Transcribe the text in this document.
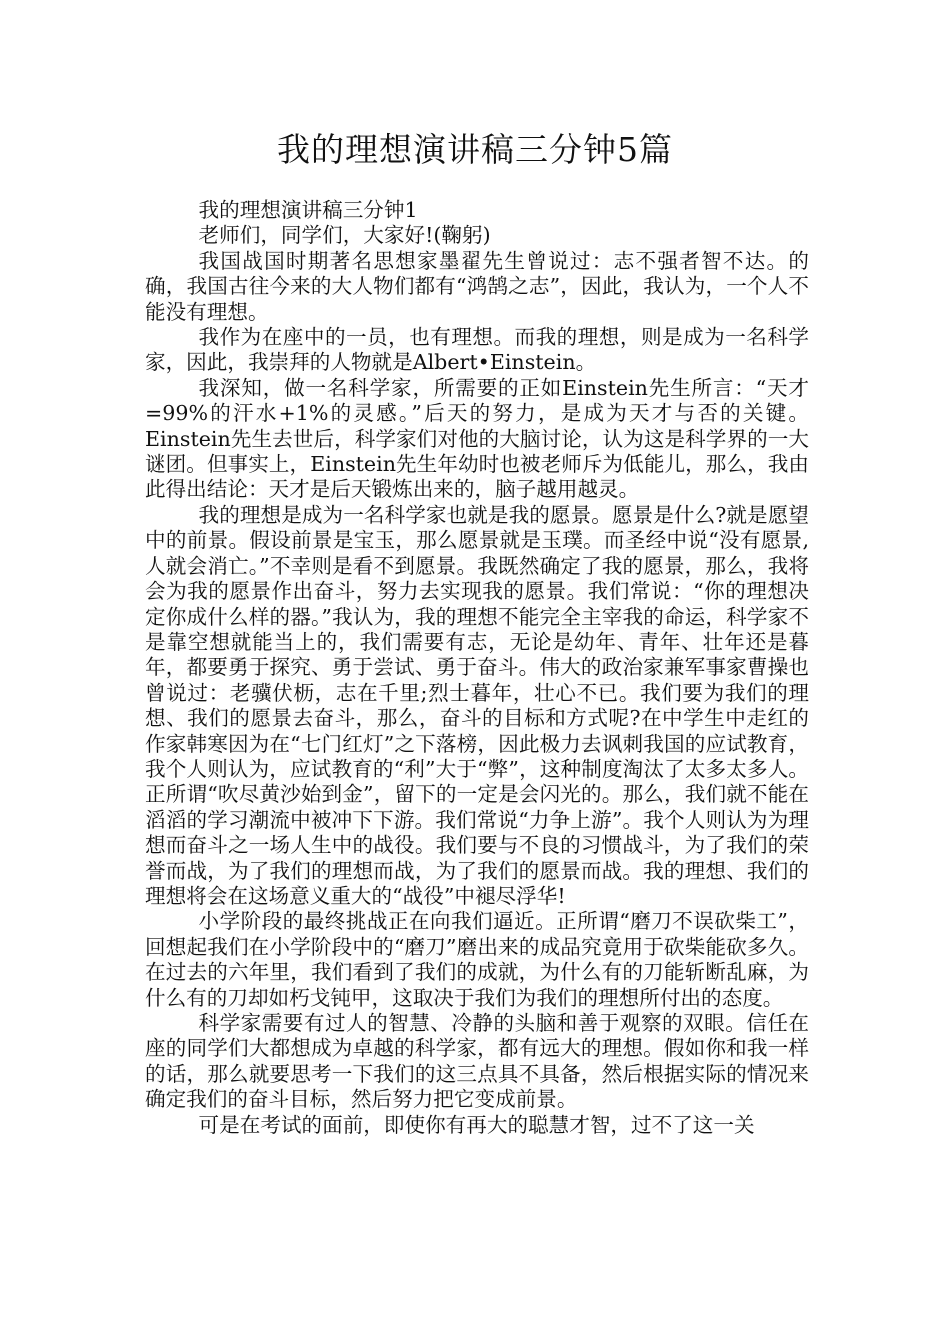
我的理想演讲稿三分钟5篇

我的理想演讲稿三分钟1

老师们，同学们，大家好!(鞠躬)

我国战国时期著名思想家墨翟先生曾说过：志不强者智不达。的确，我国古往今来的大人物们都有“鸿鹄之志”，因此，我认为，一个人不能没有理想。

我作为在座中的一员，也有理想。而我的理想，则是成为一名科学家，因此，我崇拜的人物就是Albert•Einstein。

我深知，做一名科学家，所需要的正如Einstein先生所言：“天才=99%的汗水+1%的灵感。”后天的努力，是成为天才与否的关键。Einstein先生去世后，科学家们对他的大脑讨论，认为这是科学界的一大谜团。但事实上，Einstein先生年幼时也被老师斥为低能儿，那么，我由此得出结论：天才是后天锻炼出来的，脑子越用越灵。

我的理想是成为一名科学家也就是我的愿景。愿景是什么?就是愿望中的前景。假设前景是宝玉，那么愿景就是玉璞。而圣经中说“没有愿景,人就会消亡。”不幸则是看不到愿景。我既然确定了我的愿景，那么，我将会为我的愿景作出奋斗，努力去实现我的愿景。我们常说：“你的理想决定你成什么样的器。”我认为，我的理想不能完全主宰我的命运，科学家不是靠空想就能当上的，我们需要有志，无论是幼年、青年、壮年还是暮年，都要勇于探究、勇于尝试、勇于奋斗。伟大的政治家兼军事家曹操也曾说过：老骥伏枥，志在千里;烈士暮年，壮心不已。我们要为我们的理想、我们的愿景去奋斗，那么，奋斗的目标和方式呢?在中学生中走红的作家韩寒因为在“七门红灯”之下落榜，因此极力去讽刺我国的应试教育，我个人则认为，应试教育的“利”大于“弊”，这种制度淘汰了太多太多人。正所谓“吹尽黄沙始到金”，留下的一定是会闪光的。那么，我们就不能在滔滔的学习潮流中被冲下下游。我们常说“力争上游”。我个人则认为为理想而奋斗之一场人生中的战役。我们要与不良的习惯战斗，为了我们的荣誉而战，为了我们的理想而战，为了我们的愿景而战。我的理想、我们的理想将会在这场意义重大的“战役”中褪尽浮华!

小学阶段的最终挑战正在向我们逼近。正所谓“磨刀不误砍柴工”，回想起我们在小学阶段中的“磨刀”磨出来的成品究竟用于砍柴能砍多久。在过去的六年里，我们看到了我们的成就，为什么有的刀能斩断乱麻，为什么有的刀却如朽戈钝甲，这取决于我们为我们的理想所付出的态度。

科学家需要有过人的智慧、冷静的头脑和善于观察的双眼。信任在座的同学们大都想成为卓越的科学家，都有远大的理想。假如你和我一样的话，那么就要思考一下我们的这三点具不具备，然后根据实际的情况来确定我们的奋斗目标，然后努力把它变成前景。

可是在考试的面前，即使你有再大的聪慧才智，过不了这一关
